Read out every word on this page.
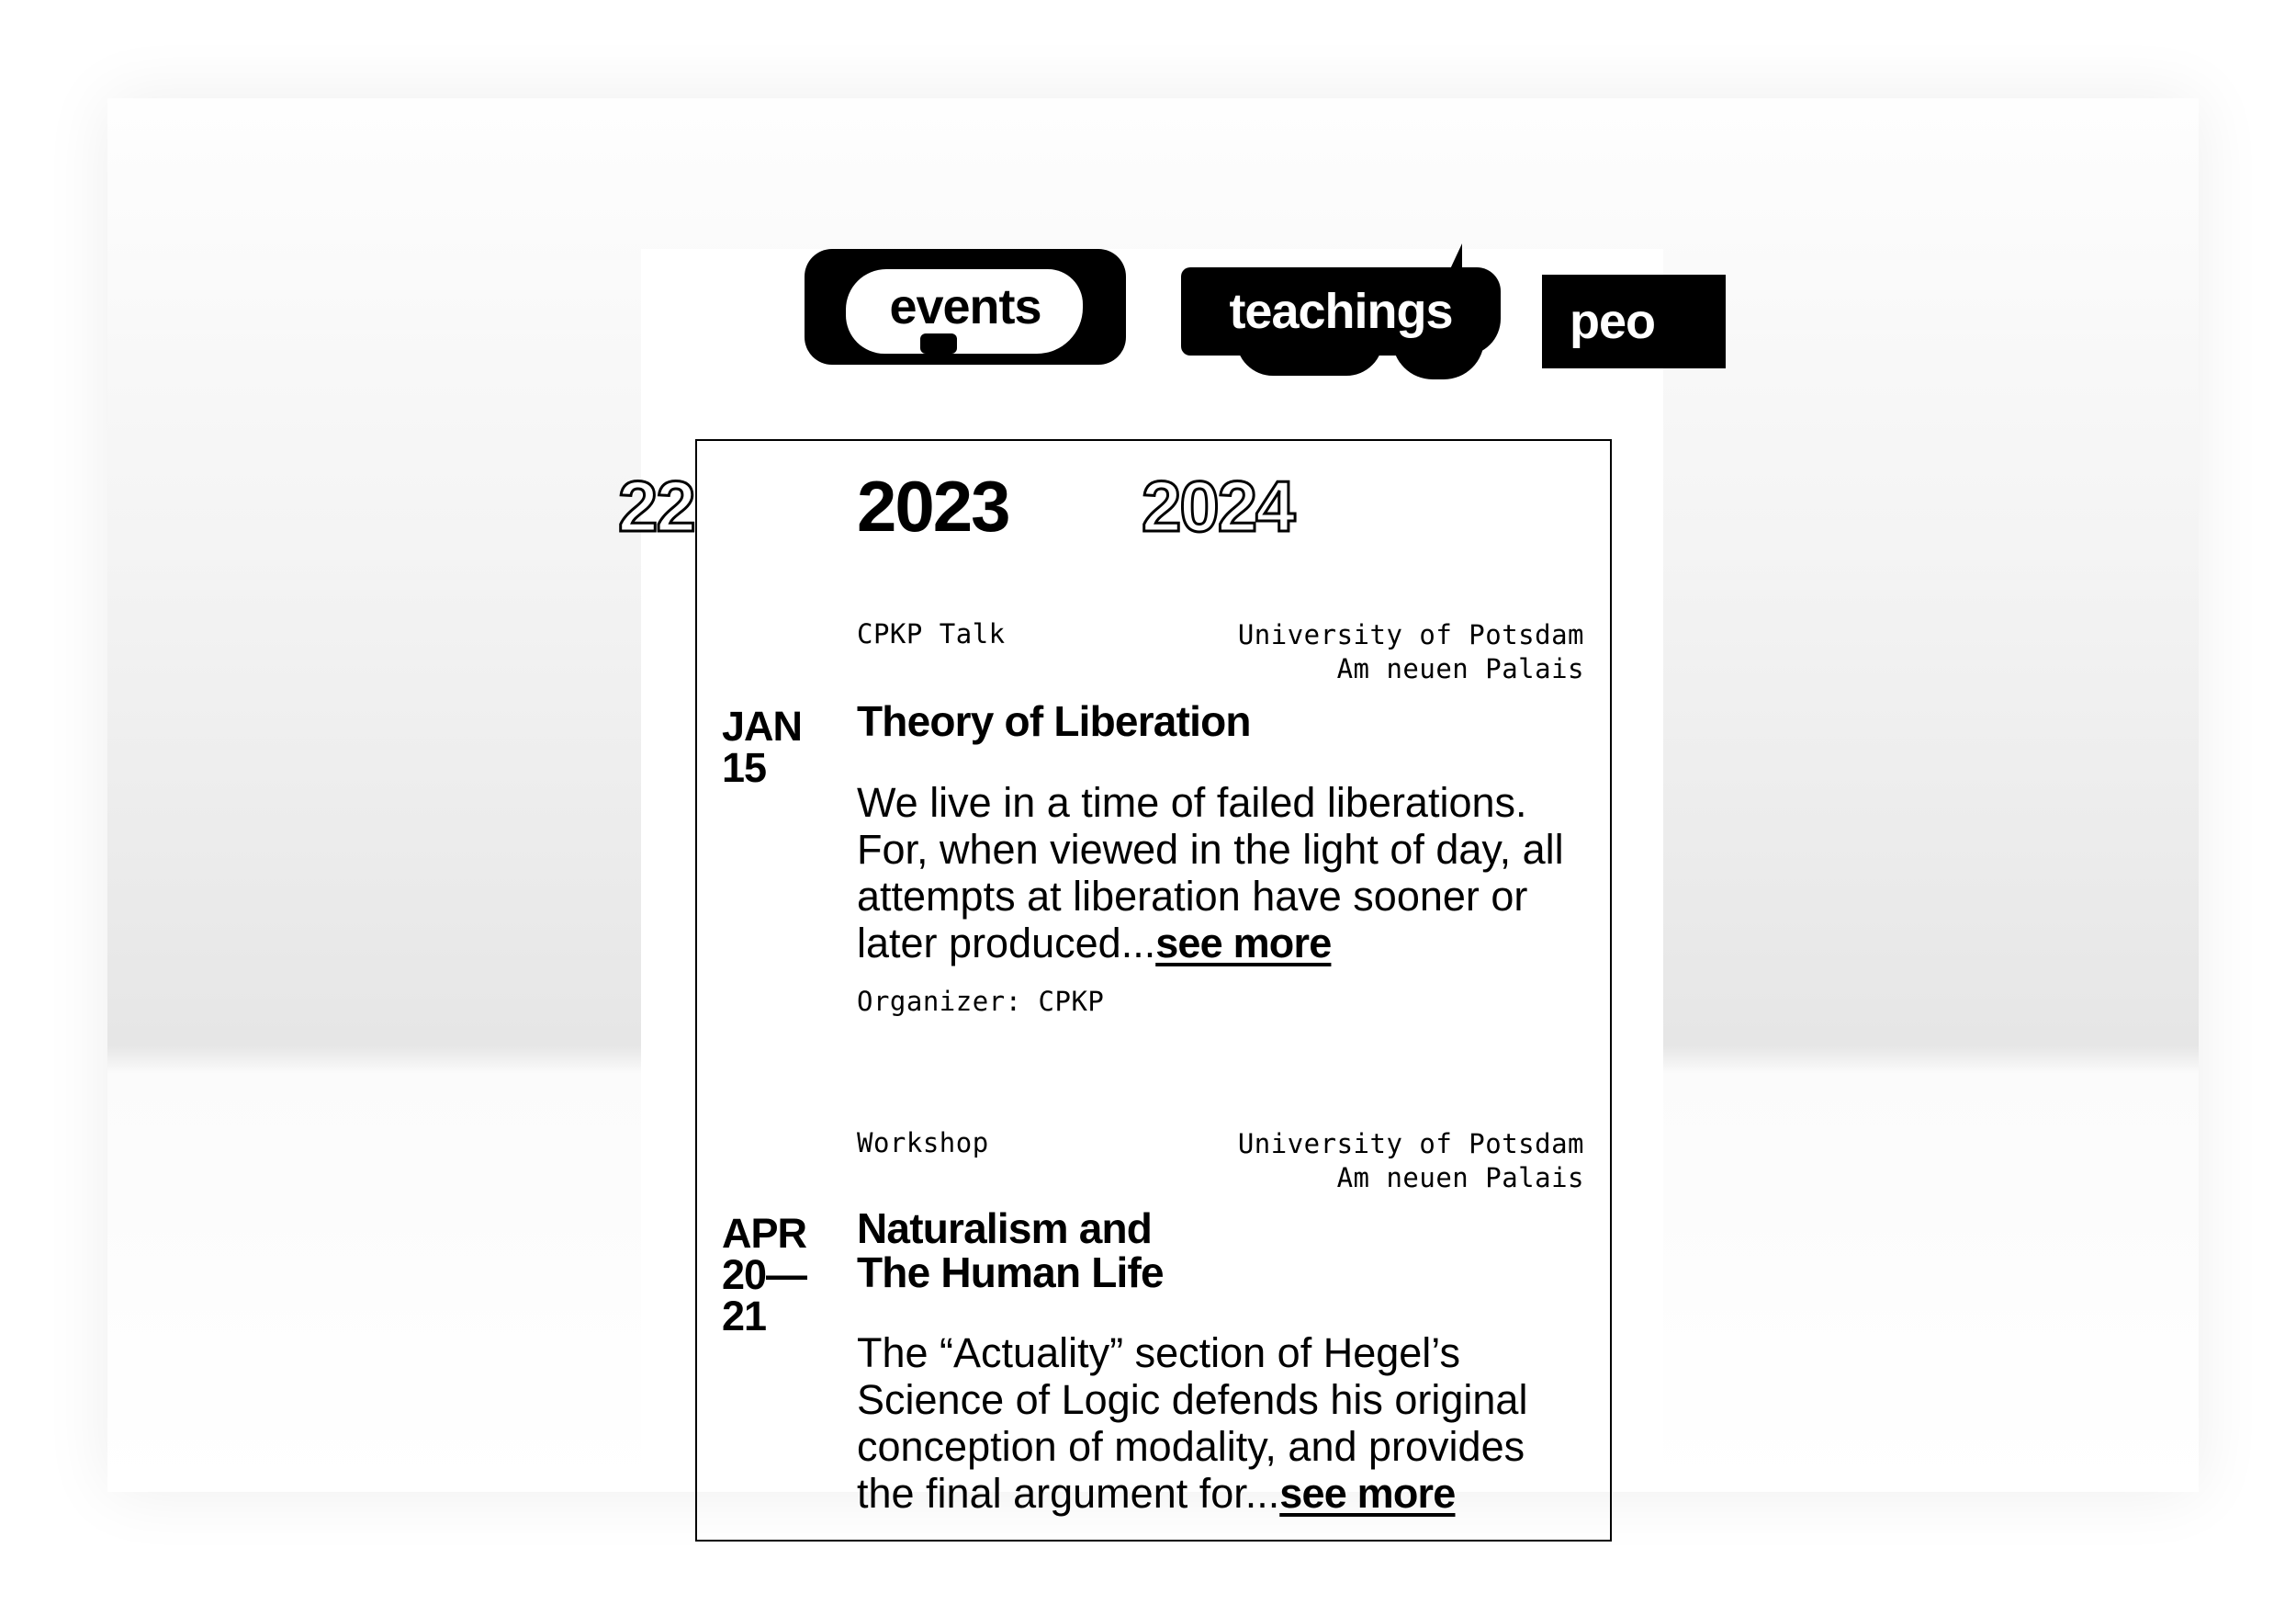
events	teachings peo
22 2023 2024
CPKP Talk	University of Potsdam
Am neuen Palais
JAN
15
Theory of Liberation
We live in a time of failed liberations. For, when viewed in the light of day, all attempts at liberation have sooner or later produced...see more
Organizer: CPKP
Workshop	University of Potsdam
Am neuen Palais
APR
20—
21
Naturalism and
The Human Life
The “Actuality” section of Hegel’s Science of Logic defends his original conception of modality, and provides the final argument for...see more
